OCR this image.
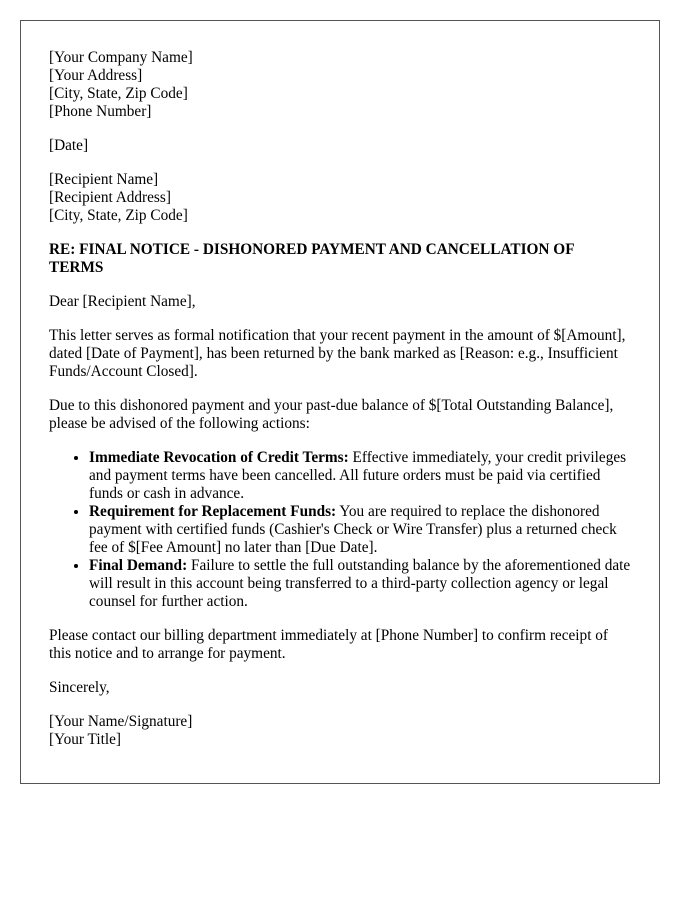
[Your Company Name]
[Your Address]
[City, State, Zip Code]
[Phone Number]
[Date]
[Recipient Name]
[Recipient Address]
[City, State, Zip Code]
RE: FINAL NOTICE - DISHONORED PAYMENT AND CANCELLATION OF TERMS

Dear [Recipient Name],

This letter serves as formal notification that your recent payment in the amount of $[Amount], dated [Date of Payment], has been returned by the bank marked as [Reason: e.g., Insufficient Funds/Account Closed].

Due to this dishonored payment and your past-due balance of $[Total Outstanding Balance], please be advised of the following actions:

• Immediate Revocation of Credit Terms: Effective immediately, your credit privileges and payment terms have been cancelled. All future orders must be paid via certified funds or cash in advance.
• Requirement for Replacement Funds: You are required to replace the dishonored payment with certified funds (Cashier's Check or Wire Transfer) plus a returned check fee of $[Fee Amount] no later than [Due Date].
• Final Demand: Failure to settle the full outstanding balance by the aforementioned date will result in this account being transferred to a third-party collection agency or legal counsel for further action.

Please contact our billing department immediately at [Phone Number] to confirm receipt of this notice and to arrange for payment.

Sincerely,

[Your Name/Signature]
[Your Title]
